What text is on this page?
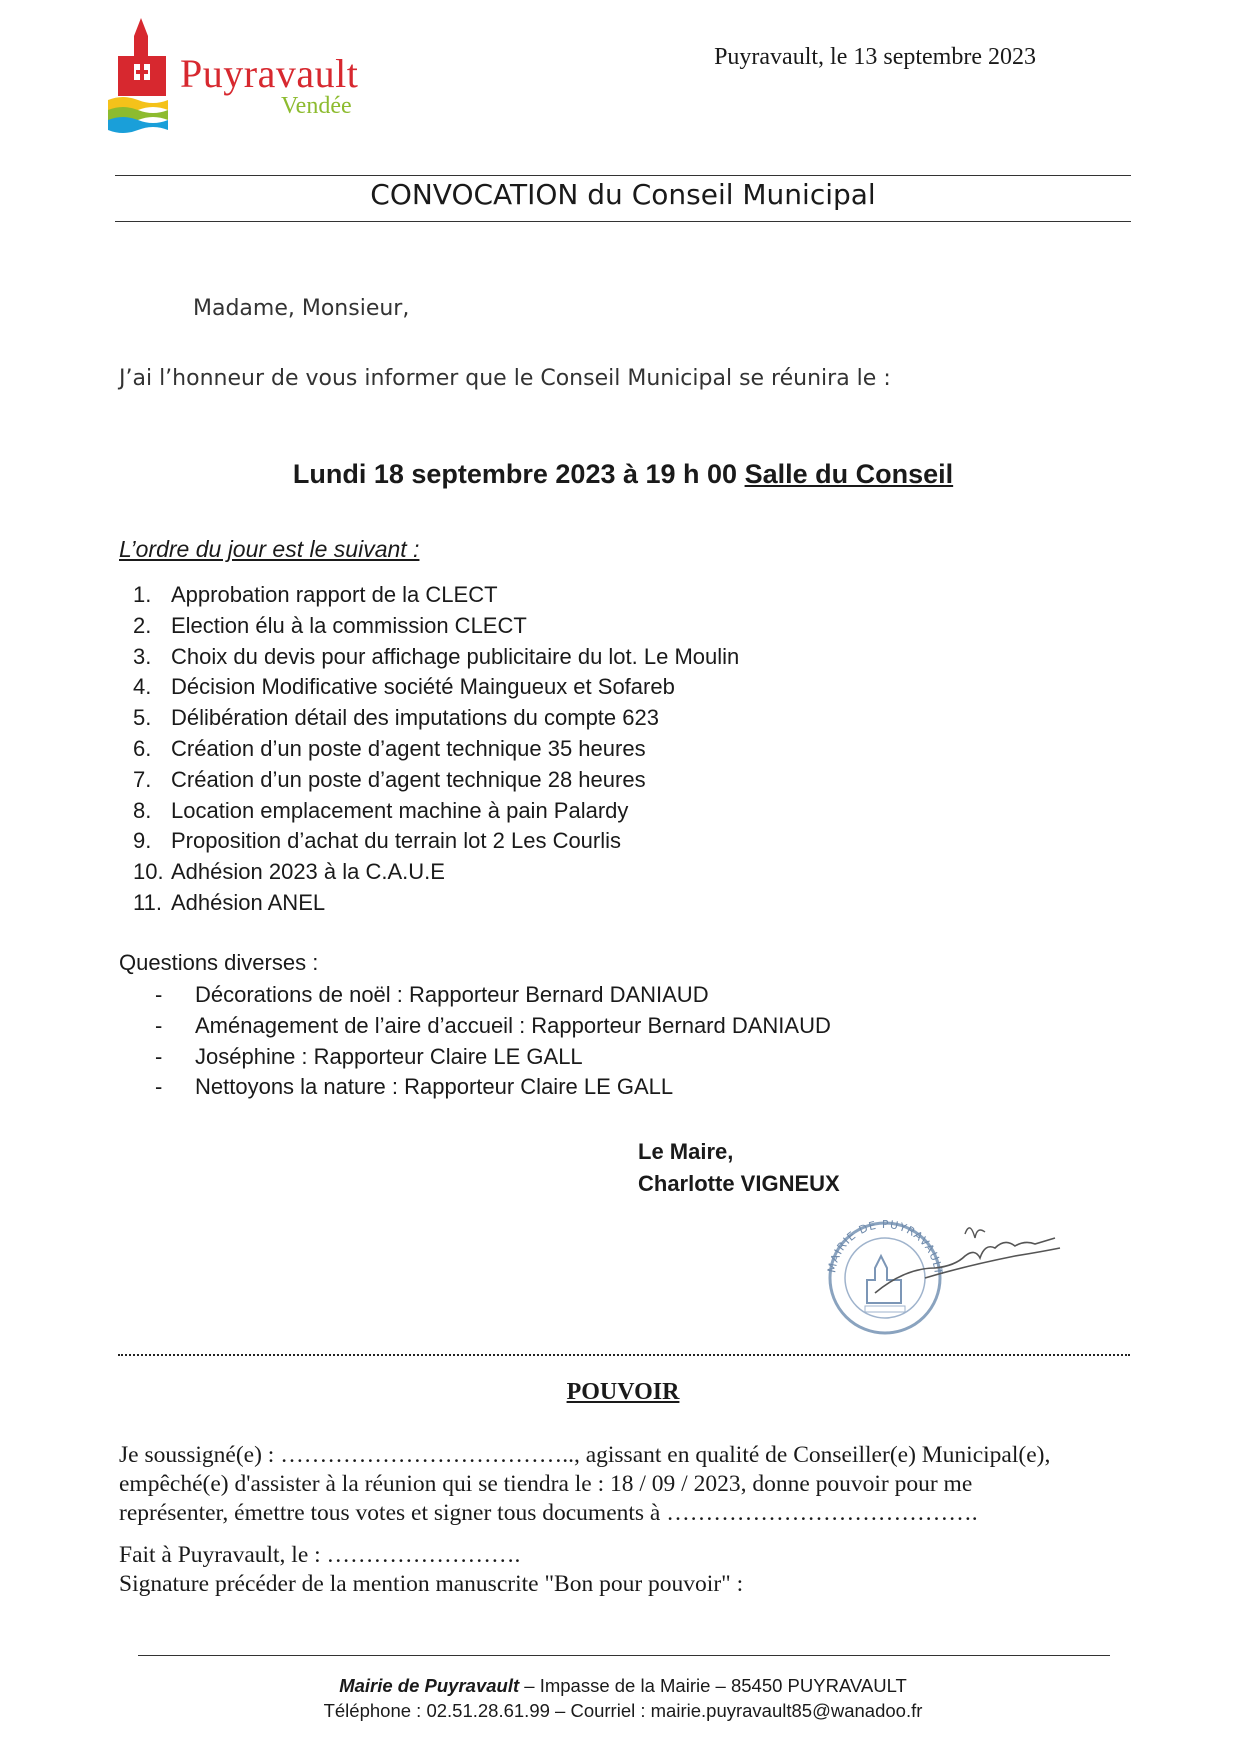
Puyravault
Vendée
Puyravault, le 13 septembre 2023
CONVOCATION du Conseil Municipal
Madame, Monsieur,
J’ai l’honneur de vous informer que le Conseil Municipal se réunira le :
Lundi 18 septembre 2023 à 19 h 00 Salle du Conseil
L’ordre du jour est le suivant :
1. Approbation rapport de la CLECT
2. Election élu à la commission CLECT
3. Choix du devis pour affichage publicitaire du lot. Le Moulin
4. Décision Modificative société Maingueux et Sofareb
5. Délibération détail des imputations du compte 623
6. Création d’un poste d’agent technique 35 heures
7. Création d’un poste d’agent technique 28 heures
8. Location emplacement machine à pain Palardy
9. Proposition d’achat du terrain lot 2 Les Courlis
10. Adhésion 2023 à la C.A.U.E
11. Adhésion ANEL
Questions diverses :
-	Décorations de noël : Rapporteur Bernard DANIAUD
-	Aménagement de l’aire d’accueil : Rapporteur Bernard DANIAUD
-	Joséphine : Rapporteur Claire LE GALL
-	Nettoyons la nature : Rapporteur Claire LE GALL
Le Maire,
Charlotte VIGNEUX
MAIRIE DE PUYRAVAULT
POUVOIR
Je soussigné(e) : ……………………………….., agissant en qualité de Conseiller(e) Municipal(e),
empêché(e) d'assister à la réunion qui se tiendra le : 18 / 09 / 2023, donne pouvoir pour me
représenter, émettre tous votes et signer tous documents à ………………………………….
Fait à Puyravault, le : …………………….
Signature précéder de la mention manuscrite "Bon pour pouvoir" :
Mairie de Puyravault – Impasse de la Mairie – 85450 PUYRAVAULT
Téléphone : 02.51.28.61.99 – Courriel : mairie.puyravault85@wanadoo.fr
